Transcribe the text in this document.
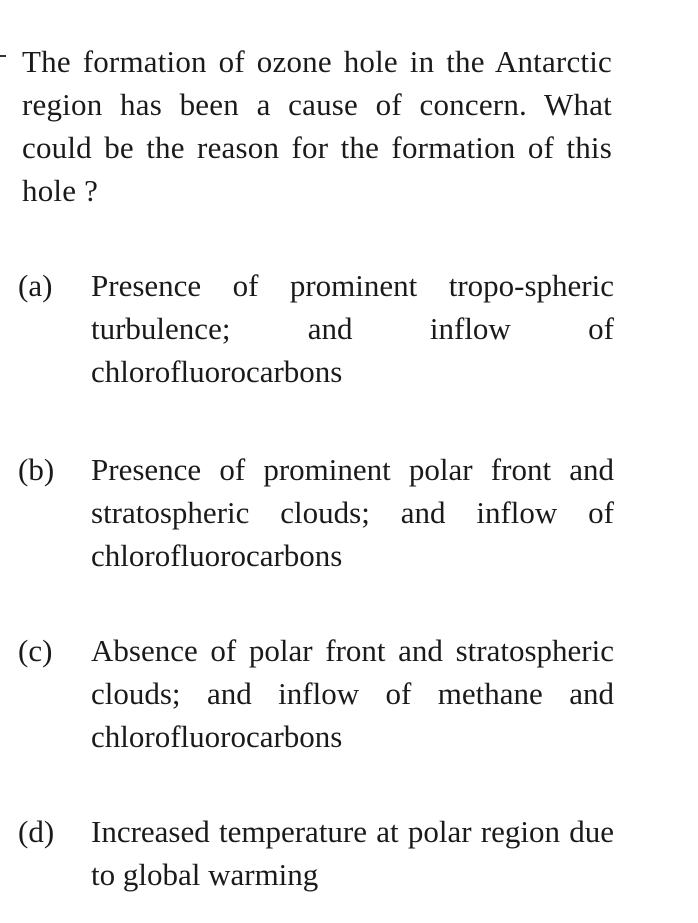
The formation of ozone hole in the Antarctic region has been a cause of concern. What could be the reason for the formation of this hole ?
(a)	Presence of prominent tropo-spheric turbulence; and inflow of chlorofluorocarbons
(b)	Presence of prominent polar front and stratospheric clouds; and inflow of chlorofluorocarbons
(c)	Absence of polar front and stratospheric clouds; and inflow of methane and chlorofluorocarbons
(d)	Increased temperature at polar region due to global warming
